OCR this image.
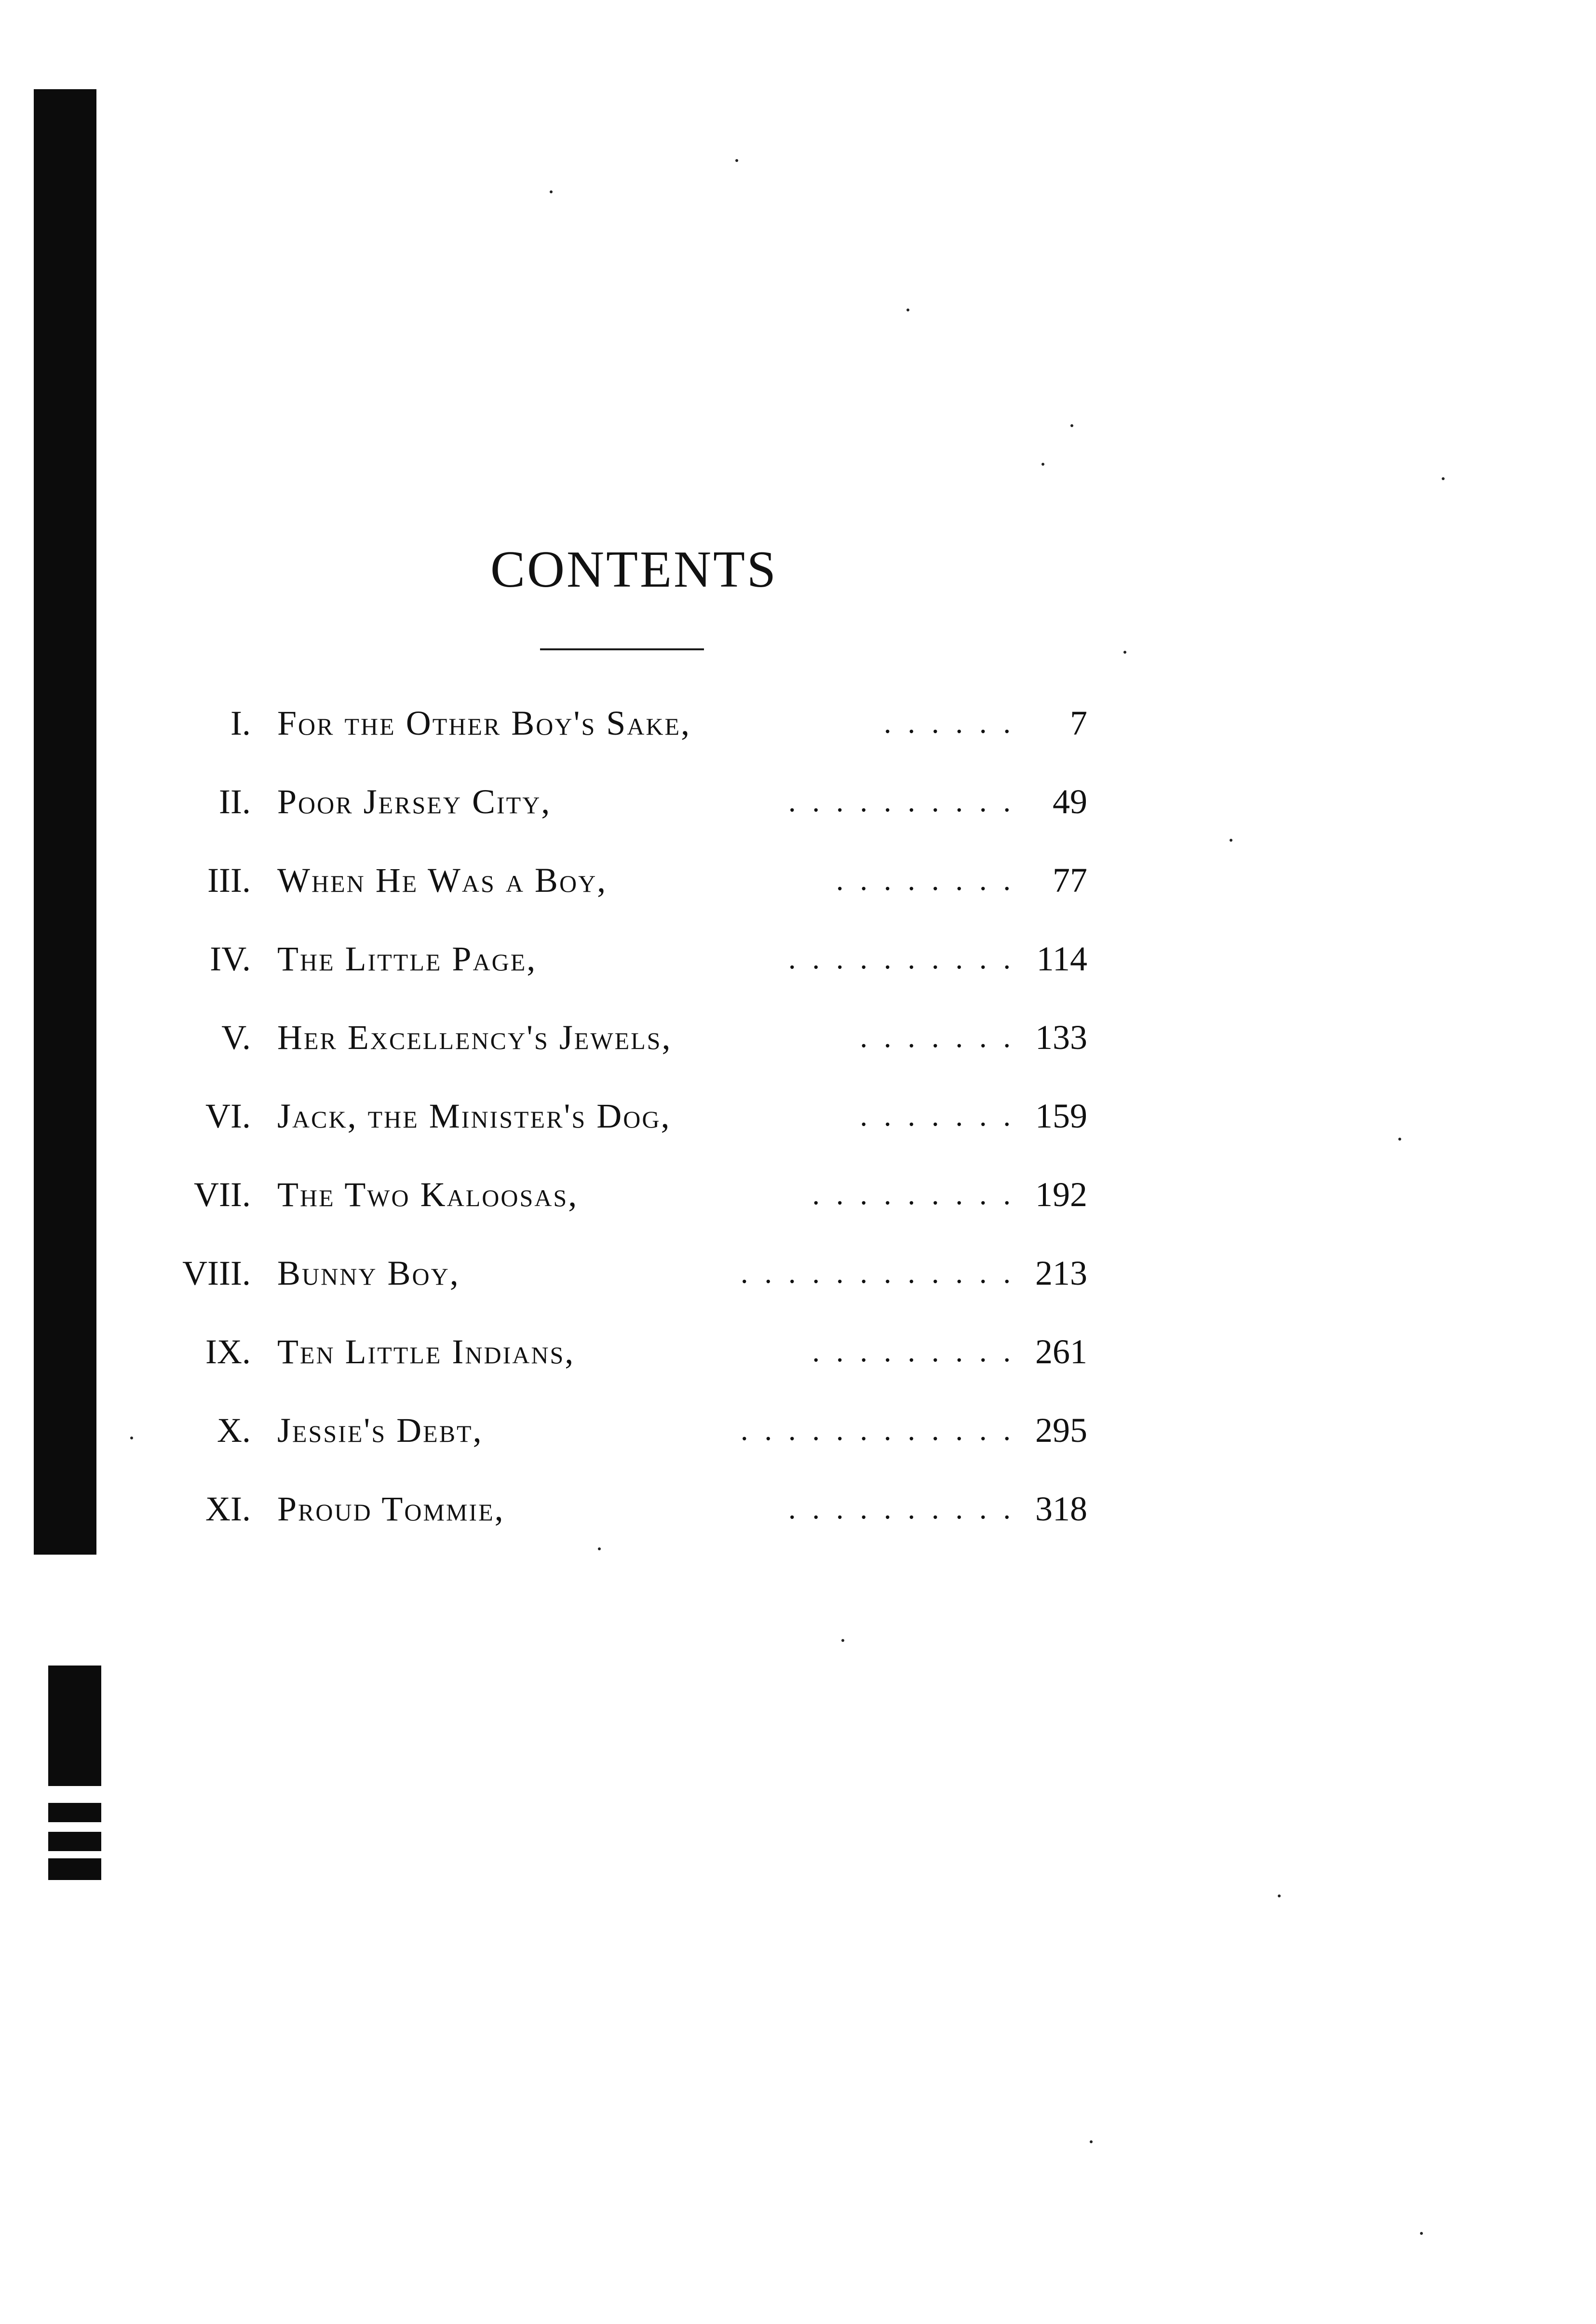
CONTENTS
I. For the Other Boy's Sake,	...... 7
II. Poor Jersey City,	.......... 49
III. When He Was a Boy,	........ 77
IV. The Little Page,	.......... 114
V. Her Excellency's Jewels,	....... 133
VI. Jack, the Minister's Dog,	....... 159
VII. The Two Kaloosas,	......... 192
VIII. Bunny Boy,	............ 213
IX. Ten Little Indians,	......... 261
X. Jessie's Debt,	............ 295
XI. Proud Tommie,	.......... 318
